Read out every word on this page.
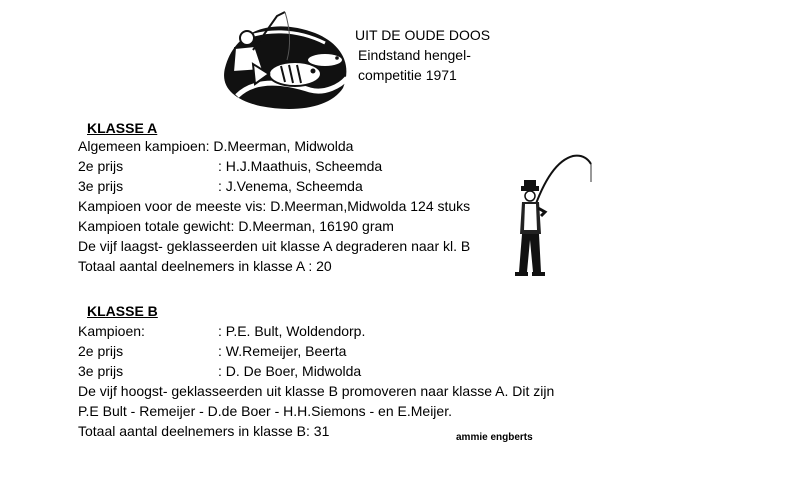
UIT DE OUDE DOOS
Eindstand hengel-
competitie 1971
KLASSE A
Algemeen kampioen: D.Meerman, Midwolda
2e prijs	: H.J.Maathuis, Scheemda
3e prijs	: J.Venema, Scheemda
Kampioen voor de meeste vis: D.Meerman,Midwolda 124 stuks
Kampioen totale gewicht: D.Meerman, 16190 gram
De vijf laagst- geklasseerden uit klasse A degraderen naar kl. B
Totaal aantal deelnemers in klasse A : 20
KLASSE B
Kampioen:	: P.E. Bult, Woldendorp.
2e prijs	: W.Remeijer, Beerta
3e prijs	: D. De Boer, Midwolda
De vijf hoogst- geklasseerden uit klasse B promoveren naar klasse A. Dit zijn
P.E Bult - Remeijer - D.de Boer - H.H.Siemons - en E.Meijer.
Totaal aantal deelnemers in klasse B: 31	ammie engberts
